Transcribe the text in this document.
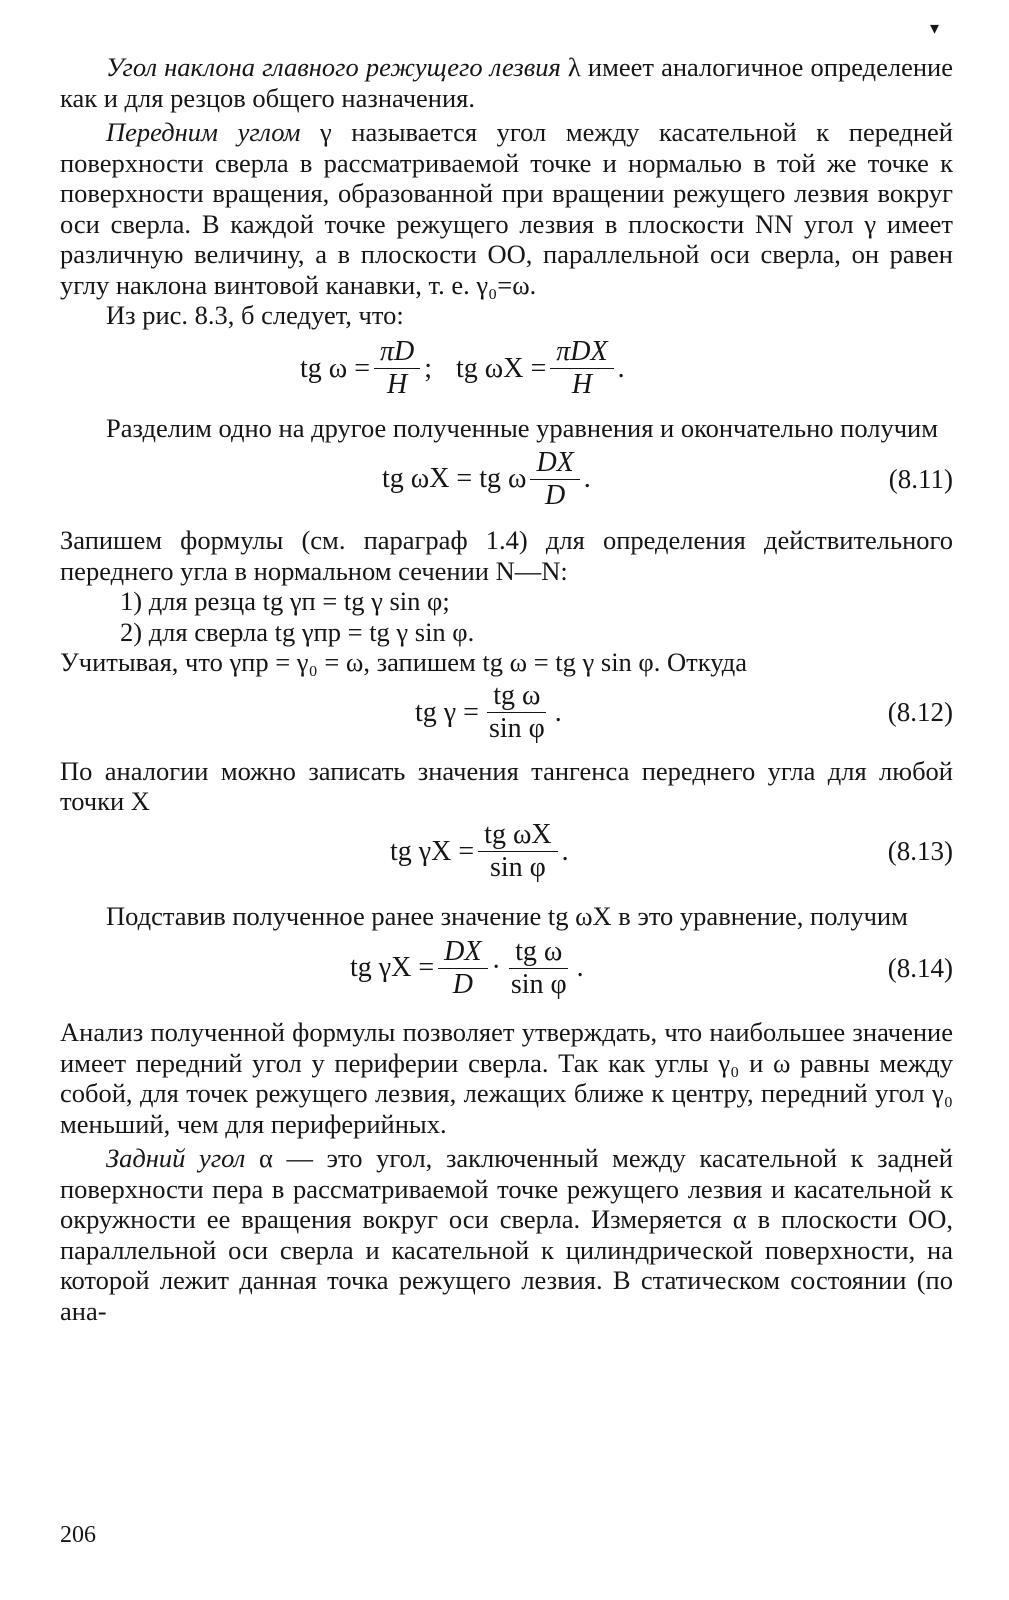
▾

Угол наклона главного режущего лезвия λ имеет аналогичное определение как и для резцов общего назначения.

Передним углом γ называется угол между касательной к передней поверхности сверла в рассматриваемой точке и нормалью в той же точке к поверхности вращения, образованной при вращении режущего лезвия вокруг оси сверла. В каждой точке режущего лезвия в плоскости NN угол γ имеет различную величину, а в плоскости OO, параллельной оси сверла, он равен углу наклона винтовой канавки, т. е. γ₀=ω.

Из рис. 8.3, б следует, что:

tg $\omega = \frac{\pi D}{H}$ ; tg $\omega X = \frac{\text{πDX}}{H}$ .

Разделим одно на другое полученные уравнения и окончательно получим

tg ωX = tg ω $\frac{DX}{D}$ .	(8.11)

Запишем формулы (см. параграф 1.4) для определения действительного переднего угла в нормальном сечении N—N:

1) для резца tg γп = tg γ sin φ;

2) для сверла tg γпр = tg γ sin φ.

Учитывая, что γпр = γ₀ = ω, запишем tg ω = tg γ sin φ. Откуда

tg $\gamma = \frac{\text{tg ω}}{\text{sin φ}}$ .	(8.12)

По аналогии можно записать значения тангенса переднего угла для любой точки X

tg $\gamma X = \frac{\text{tg ωX}}{\text{sin φ}}$ .	(8.13)

Подставив полученное ранее значение tg ωX в это уравнение, получим

tg $\gamma X = \frac{DX}{D} \cdot \frac{\text{tg ω}}{\text{sin φ}}$ .	(8.14)

Анализ полученной формулы позволяет утверждать, что наибольшее значение имеет передний угол у периферии сверла. Так как углы γ₀ и ω равны между собой, для точек режущего лезвия, лежащих ближе к центру, передний угол γ₀ меньший, чем для периферийных.

Задний угол α — это угол, заключенный между касательной к задней поверхности пера в рассматриваемой точке режущего лезвия и касательной к окружности ее вращения вокруг оси сверла. Измеряется α в плоскости OO, параллельной оси сверла и касательной к цилиндрической поверхности, на которой лежит данная точка режущего лезвия. В статическом состоянии (по ана-

206
